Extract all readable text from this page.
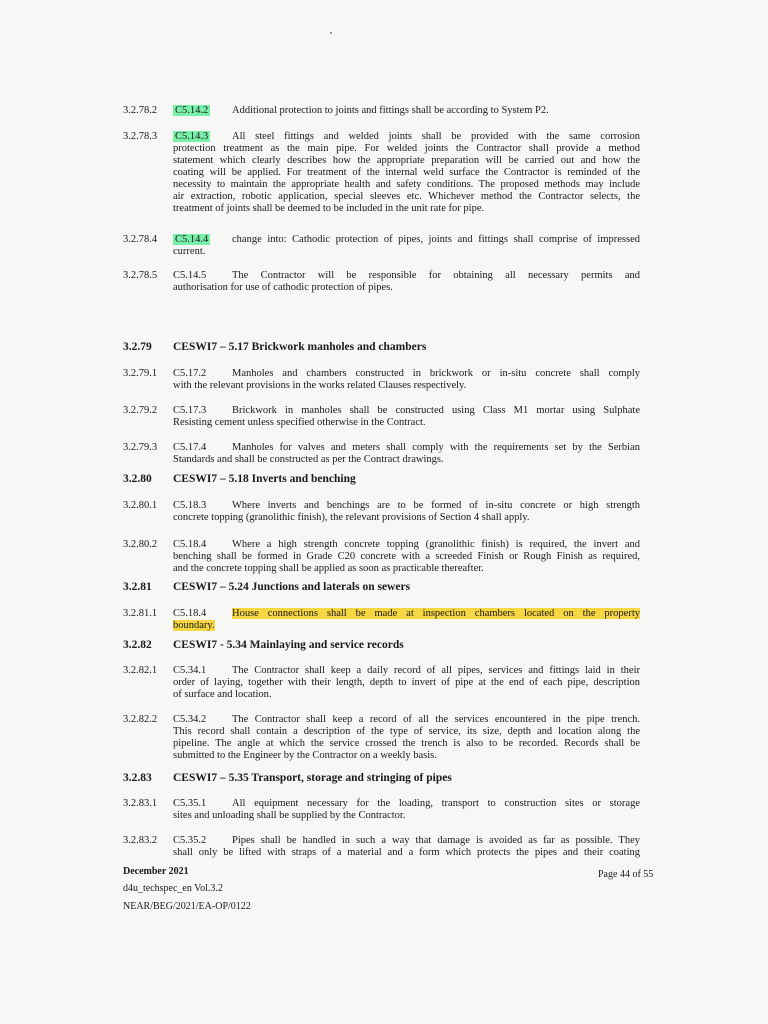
3.2.78.2 C5.14.2 Additional protection to joints and fittings shall be according to System P2.
3.2.78.3 C5.14.3 All steel fittings and welded joints shall be provided with the same corrosion
protection treatment as the main pipe. For welded joints the Contractor shall provide a method
statement which clearly describes how the appropriate preparation will be carried out and how the
coating will be applied. For treatment of the internal weld surface the Contractor is reminded of the
necessity to maintain the appropriate health and safety conditions. The proposed methods may include
air extraction, robotic application, special sleeves etc. Whichever method the Contractor selects, the
treatment of joints shall be deemed to be included in the unit rate for pipe.
3.2.78.4 C5.14.4 change into: Cathodic protection of pipes, joints and fittings shall comprise of impressed
current.
3.2.78.5 C5.14.5 The Contractor will be responsible for obtaining all necessary permits and
authorisation for use of cathodic protection of pipes.
3.2.79 CESWI7 – 5.17 Brickwork manholes and chambers
3.2.79.1 C5.17.2 Manholes and chambers constructed in brickwork or in-situ concrete shall comply
with the relevant provisions in the works related Clauses respectively.
3.2.79.2 C5.17.3 Brickwork in manholes shall be constructed using Class M1 mortar using Sulphate
Resisting cement unless specified otherwise in the Contract.
3.2.79.3 C5.17.4 Manholes for valves and meters shall comply with the requirements set by the Serbian
Standards and shall be constructed as per the Contract drawings.
3.2.80 CESWI7 – 5.18 Inverts and benching
3.2.80.1 C5.18.3 Where inverts and benchings are to be formed of in-situ concrete or high strength
concrete topping (granolithic finish), the relevant provisions of Section 4 shall apply.
3.2.80.2 C5.18.4 Where a high strength concrete topping (granolithic finish) is required, the invert and
benching shall be formed in Grade C20 concrete with a screeded Finish or Rough Finish as required,
and the concrete topping shall be applied as soon as practicable thereafter.
3.2.81 CESWI7 – 5.24 Junctions and laterals on sewers
3.2.81.1 C5.18.4 House connections shall be made at inspection chambers located on the property
boundary.
3.2.82 CESWI7 - 5.34 Mainlaying and service records
3.2.82.1 C5.34.1 The Contractor shall keep a daily record of all pipes, services and fittings laid in their
order of laying, together with their length, depth to invert of pipe at the end of each pipe, description
of surface and location.
3.2.82.2 C5.34.2 The Contractor shall keep a record of all the services encountered in the pipe trench.
This record shall contain a description of the type of service, its size, depth and location along the
pipeline. The angle at which the service crossed the trench is also to be recorded. Records shall be
submitted to the Engineer by the Contractor on a weekly basis.
3.2.83 CESWI7 – 5.35 Transport, storage and stringing of pipes
3.2.83.1 C5.35.1 All equipment necessary for the loading, transport to construction sites or storage
sites and unloading shall be supplied by the Contractor.
3.2.83.2 C5.35.2 Pipes shall be handled in such a way that damage is avoided as far as possible. They
shall only be lifted with straps of a material and a form which protects the pipes and their coating
December 2021	Page 44 of 55
d4u_techspec_en Vol.3.2
NEAR/BEG/2021/EA-OP/0122
